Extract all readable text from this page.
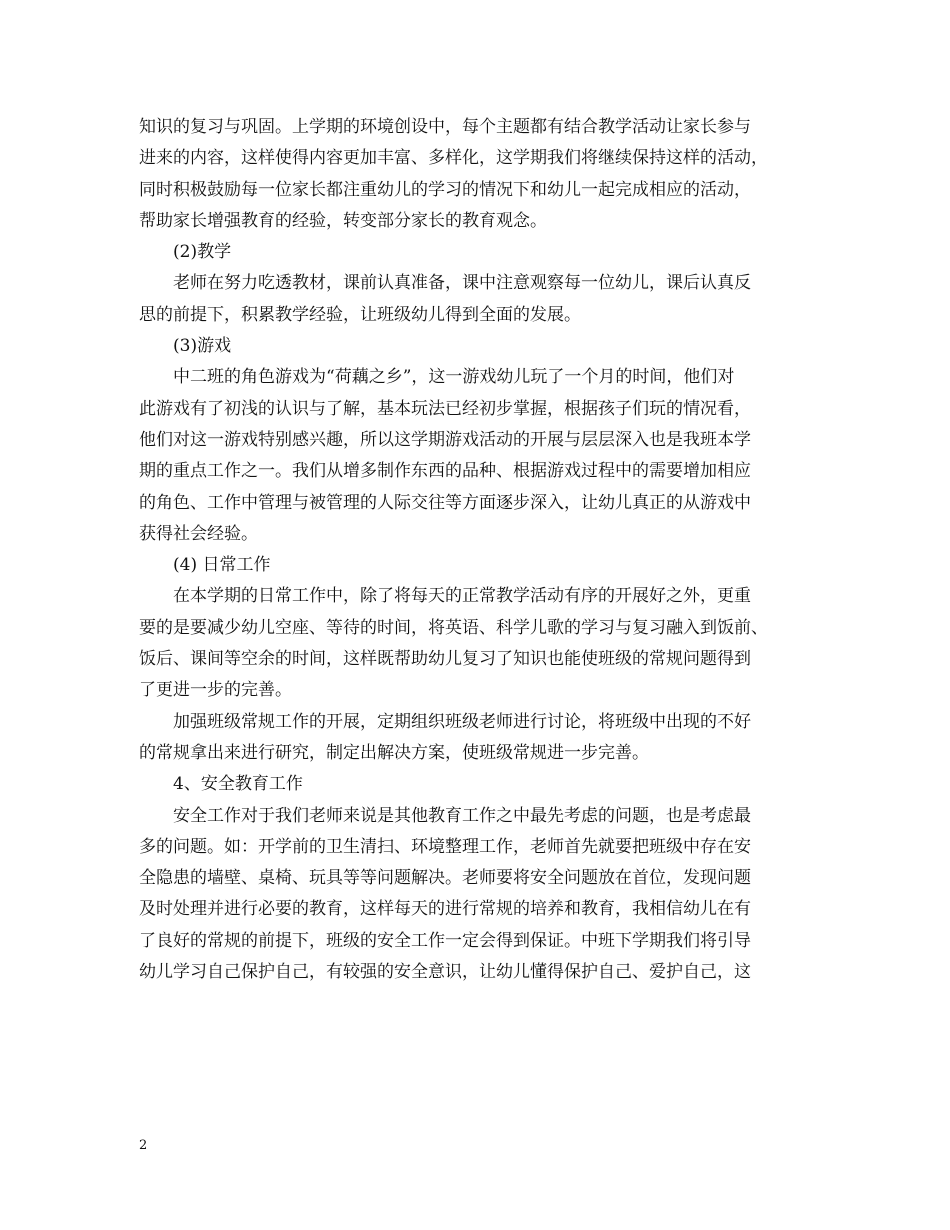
知识的复习与巩固。上学期的环境创设中，每个主题都有结合教学活动让家长参与
进来的内容，这样使得内容更加丰富、多样化，这学期我们将继续保持这样的活动，
同时积极鼓励每一位家长都注重幼儿的学习的情况下和幼儿一起完成相应的活动，
帮助家长增强教育的经验，转变部分家长的教育观念。
(2)教学
老师在努力吃透教材，课前认真准备，课中注意观察每一位幼儿，课后认真反
思的前提下，积累教学经验，让班级幼儿得到全面的发展。
(3)游戏
中二班的角色游戏为“荷藕之乡”，这一游戏幼儿玩了一个月的时间，他们对
此游戏有了初浅的认识与了解，基本玩法已经初步掌握，根据孩子们玩的情况看，
他们对这一游戏特别感兴趣，所以这学期游戏活动的开展与层层深入也是我班本学
期的重点工作之一。我们从增多制作东西的品种、根据游戏过程中的需要增加相应
的角色、工作中管理与被管理的人际交往等方面逐步深入，让幼儿真正的从游戏中
获得社会经验。
(4) 日常工作
在本学期的日常工作中，除了将每天的正常教学活动有序的开展好之外，更重
要的是要减少幼儿空座、等待的时间，将英语、科学儿歌的学习与复习融入到饭前、
饭后、课间等空余的时间，这样既帮助幼儿复习了知识也能使班级的常规问题得到
了更进一步的完善。
加强班级常规工作的开展，定期组织班级老师进行讨论，将班级中出现的不好
的常规拿出来进行研究，制定出解决方案，使班级常规进一步完善。
4、安全教育工作
安全工作对于我们老师来说是其他教育工作之中最先考虑的问题，也是考虑最
多的问题。如：开学前的卫生清扫、环境整理工作，老师首先就要把班级中存在安
全隐患的墙壁、桌椅、玩具等等问题解决。老师要将安全问题放在首位，发现问题
及时处理并进行必要的教育，这样每天的进行常规的培养和教育，我相信幼儿在有
了良好的常规的前提下，班级的安全工作一定会得到保证。中班下学期我们将引导
幼儿学习自己保护自己，有较强的安全意识，让幼儿懂得保护自己、爱护自己，这
2
